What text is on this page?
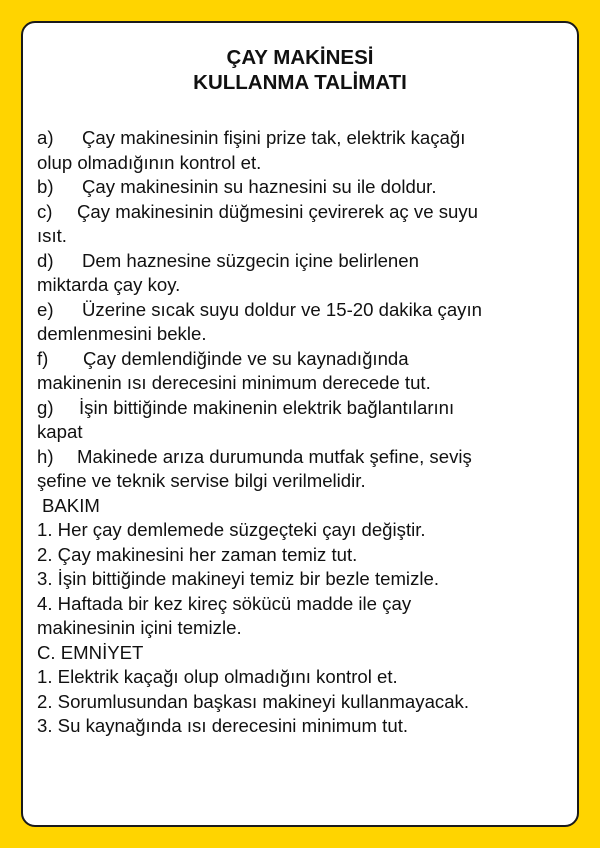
ÇAY MAKİNESİ
KULLANMA TALİMATI
a) Çay makinesinin fişini prize tak, elektrik kaçağı
olup olmadığının kontrol et.
b) Çay makinesinin su haznesini su ile doldur.
c) Çay makinesinin düğmesini çevirerek aç ve suyu
ısıt.
d) Dem haznesine süzgecin içine belirlenen
miktarda çay koy.
e) Üzerine sıcak suyu doldur ve 15-20 dakika çayın
demlenmesini bekle.
f) Çay demlendiğinde ve su kaynadığında
makinenin ısı derecesini minimum derecede tut.
g) İşin bittiğinde makinenin elektrik bağlantılarını
kapat
h) Makinede arıza durumunda mutfak şefine, seviş
şefine ve teknik servise bilgi verilmelidir.
BAKIM
1. Her çay demlemede süzgeçteki çayı değiştir.
2. Çay makinesini her zaman temiz tut.
3. İşin bittiğinde makineyi temiz bir bezle temizle.
4. Haftada bir kez kireç sökücü madde ile çay
makinesinin içini temizle.
C. EMNİYET
1. Elektrik kaçağı olup olmadığını kontrol et.
2. Sorumlusundan başkası makineyi kullanmayacak.
3. Su kaynağında ısı derecesini minimum tut.
